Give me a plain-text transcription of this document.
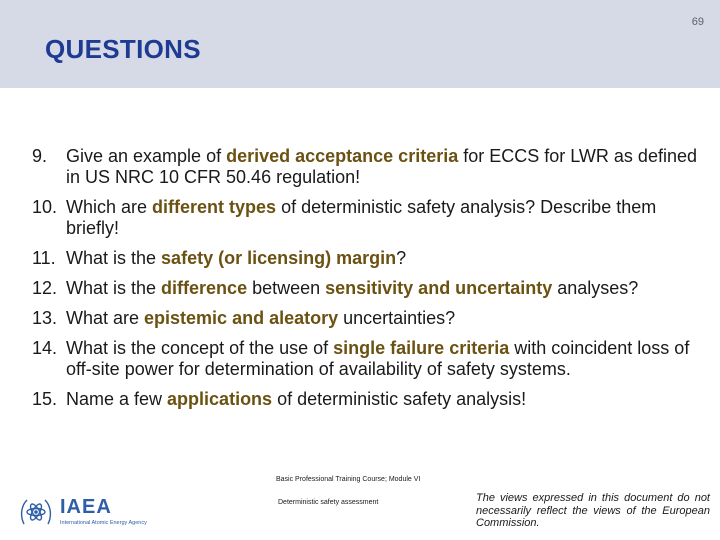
69
QUESTIONS
9. Give an example of derived acceptance criteria for ECCS for LWR as defined in US NRC 10 CFR 50.46 regulation!
10. Which are different types of deterministic safety analysis? Describe them briefly!
11. What is the safety (or licensing) margin?
12. What is the difference between sensitivity and uncertainty analyses?
13. What are epistemic and aleatory uncertainties?
14. What is the concept of the use of single failure criteria with coincident loss of off-site power for determination of availability of safety systems.
15. Name a few applications of deterministic safety analysis!
IAEA
International Atomic Energy Agency
Basic Professional Training Course; Module VI
Deterministic safety assessment	The views expressed in this document do not necessarily reflect the views of the European Commission.
